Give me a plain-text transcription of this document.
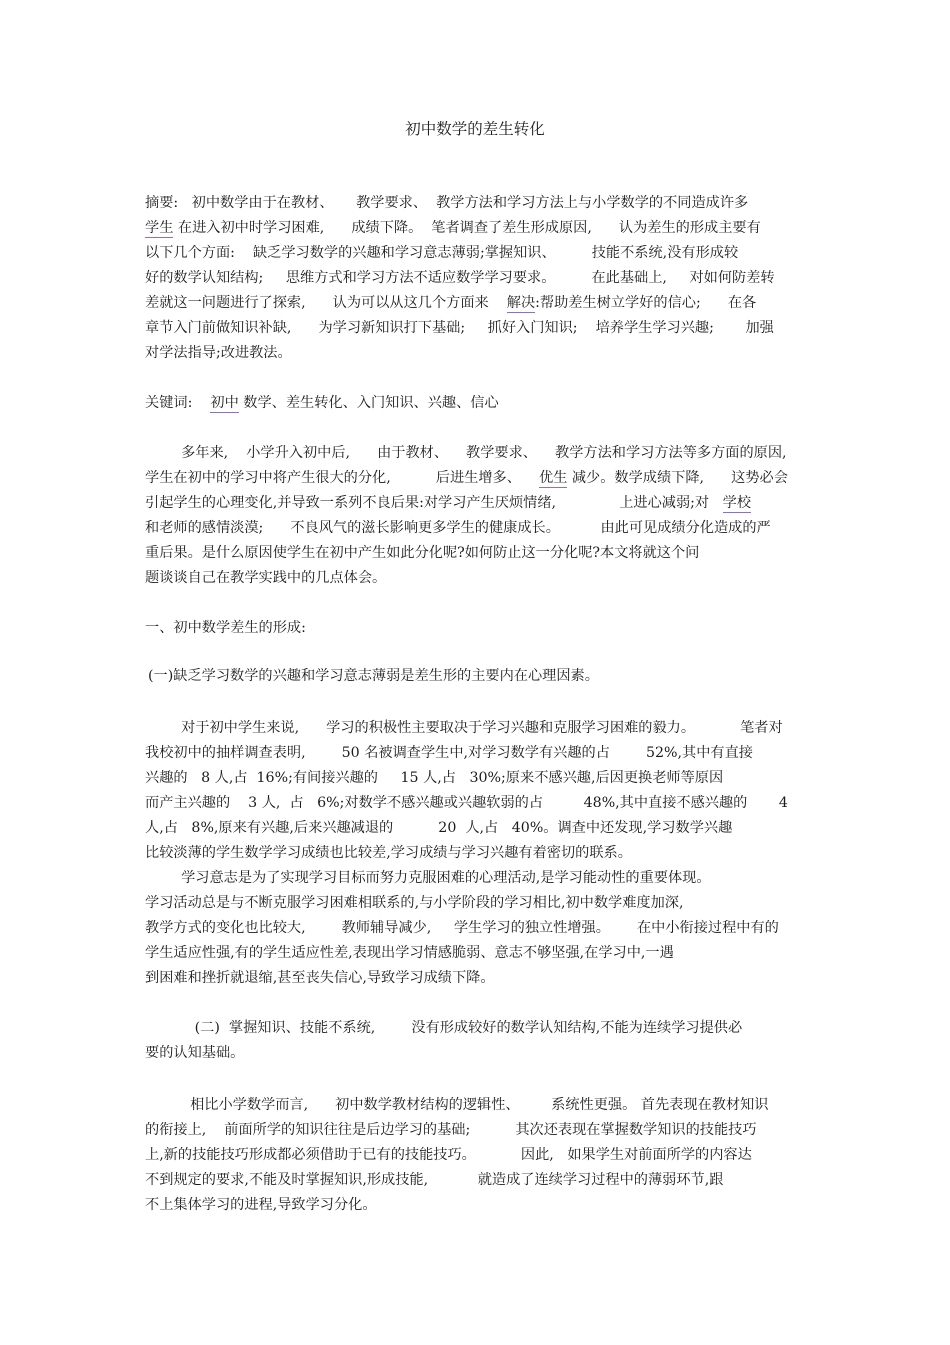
初中数学的差生转化
摘要:   初中数学由于在教材、     教学要求、  教学方法和学习方法上与小学数学的不同造成许多
学生 在进入初中时学习困难,      成绩下降。  笔者调查了差生形成原因,      认为差生的形成主要有
以下几个方面:    缺乏学习数学的兴趣和学习意志薄弱;掌握知识、        技能不系统,没有形成较
好的数学认知结构;     思维方式和学习方法不适应数学学习要求。        在此基础上,     对如何防差转
差就这一问题进行了探索,      认为可以从这几个方面来    解决:帮助差生树立学好的信心;      在各
章节入门前做知识补缺,      为学习新知识打下基础;     抓好入门知识;    培养学生学习兴趣;       加强
对学法指导;改进教法。
关键词:    初中 数学、差生转化、入门知识、兴趣、信心
多年来,    小学升入初中后,      由于教材、    教学要求、    教学方法和学习方法等多方面的原因,
学生在初中的学习中将产生很大的分化,          后进生增多、    优生 减少。数学成绩下降,      这势必会
引起学生的心理变化,并导致一系列不良后果:对学习产生厌烦情绪,              上进心减弱;对   学校
和老师的感情淡漠;      不良风气的滋长影响更多学生的健康成长。         由此可见成绩分化造成的严
重后果。是什么原因使学生在初中产生如此分化呢?如何防止这一分化呢?本文将就这个问
题谈谈自己在教学实践中的几点体会。
一、初中数学差生的形成:
(一)缺乏学习数学的兴趣和学习意志薄弱是差生形的主要内在心理因素。
对于初中学生来说,      学习的积极性主要取决于学习兴趣和克服学习困难的毅力。          笔者对
我校初中的抽样调查表明,        50 名被调查学生中,对学习数学有兴趣的占        52%,其中有直接
兴趣的   8 人,占  16%;有间接兴趣的     15 人,占   30%;原来不感兴趣,后因更换老师等原因
而产主兴趣的    3 人,  占   6%;对数学不感兴趣或兴趣软弱的占         48%,其中直接不感兴趣的       4
人,占   8%,原来有兴趣,后来兴趣减退的          20  人,占   40%。调查中还发现,学习数学兴趣
比较淡薄的学生数学学习成绩也比较差,学习成绩与学习兴趣有着密切的联系。
学习意志是为了实现学习目标而努力克服困难的心理活动,是学习能动性的重要体现。
学习活动总是与不断克服学习困难相联系的,与小学阶段的学习相比,初中数学难度加深,
教学方式的变化也比较大,        教师辅导减少,     学生学习的独立性增强。      在中小衔接过程中有的
学生适应性强,有的学生适应性差,表现出学习情感脆弱、意志不够坚强,在学习中,一遇
到困难和挫折就退缩,甚至丧失信心,导致学习成绩下降。
(二)  掌握知识、技能不系统,        没有形成较好的数学认知结构,不能为连续学习提供必
要的认知基础。
相比小学数学而言,      初中数学教材结构的逻辑性、       系统性更强。 首先表现在教材知识
的衔接上,    前面所学的知识往往是后边学习的基础;          其次还表现在掌握数学知识的技能技巧
上,新的技能技巧形成都必须借助于已有的技能技巧。          因此,   如果学生对前面所学的内容达
不到规定的要求,不能及时掌握知识,形成技能,           就造成了连续学习过程中的薄弱环节,跟
不上集体学习的进程,导致学习分化。
